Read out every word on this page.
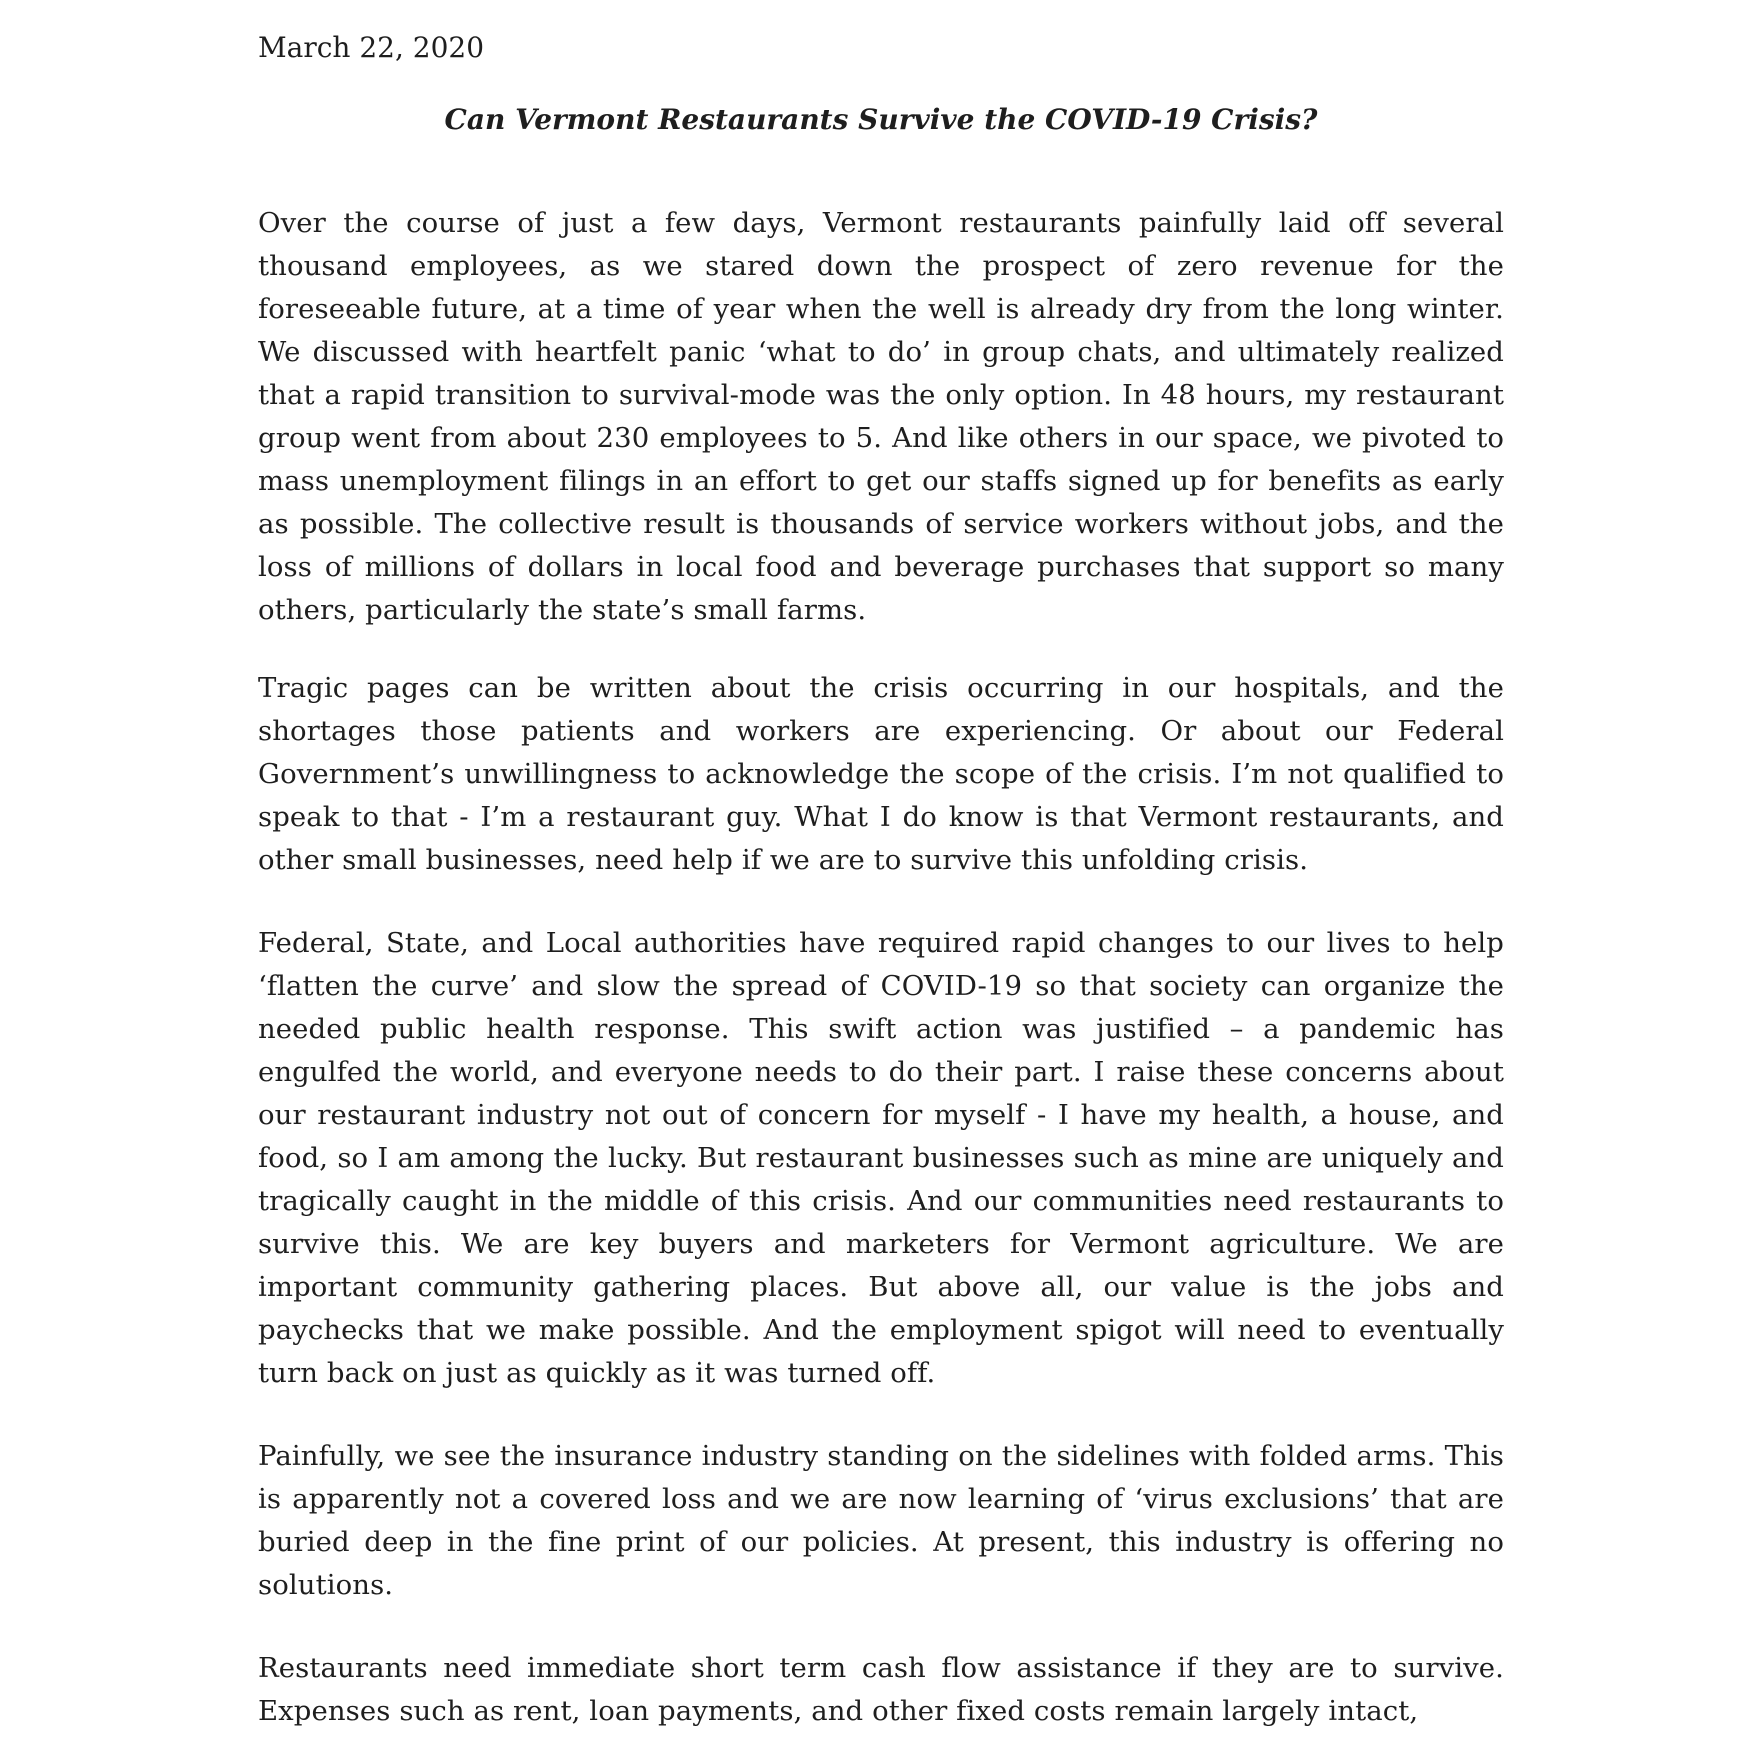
March 22, 2020

Can Vermont Restaurants Survive the COVID-19 Crisis?

Over the course of just a few days, Vermont restaurants painfully laid off several thousand employees, as we stared down the prospect of zero revenue for the foreseeable future, at a time of year when the well is already dry from the long winter. We discussed with heartfelt panic ‘what to do’ in group chats, and ultimately realized that a rapid transition to survival-mode was the only option. In 48 hours, my restaurant group went from about 230 employees to 5. And like others in our space, we pivoted to mass unemployment filings in an effort to get our staffs signed up for benefits as early as possible. The collective result is thousands of service workers without jobs, and the loss of millions of dollars in local food and beverage purchases that support so many others, particularly the state’s small farms.

Tragic pages can be written about the crisis occurring in our hospitals, and the shortages those patients and workers are experiencing. Or about our Federal Government’s unwillingness to acknowledge the scope of the crisis. I’m not qualified to speak to that - I’m a restaurant guy. What I do know is that Vermont restaurants, and other small businesses, need help if we are to survive this unfolding crisis.

Federal, State, and Local authorities have required rapid changes to our lives to help ‘flatten the curve’ and slow the spread of COVID-19 so that society can organize the needed public health response. This swift action was justified – a pandemic has engulfed the world, and everyone needs to do their part. I raise these concerns about our restaurant industry not out of concern for myself - I have my health, a house, and food, so I am among the lucky. But restaurant businesses such as mine are uniquely and tragically caught in the middle of this crisis. And our communities need restaurants to survive this. We are key buyers and marketers for Vermont agriculture. We are important community gathering places. But above all, our value is the jobs and paychecks that we make possible. And the employment spigot will need to eventually turn back on just as quickly as it was turned off.

Painfully, we see the insurance industry standing on the sidelines with folded arms. This is apparently not a covered loss and we are now learning of ‘virus exclusions’ that are buried deep in the fine print of our policies. At present, this industry is offering no solutions.

Restaurants need immediate short term cash flow assistance if they are to survive. Expenses such as rent, loan payments, and other fixed costs remain largely intact,
